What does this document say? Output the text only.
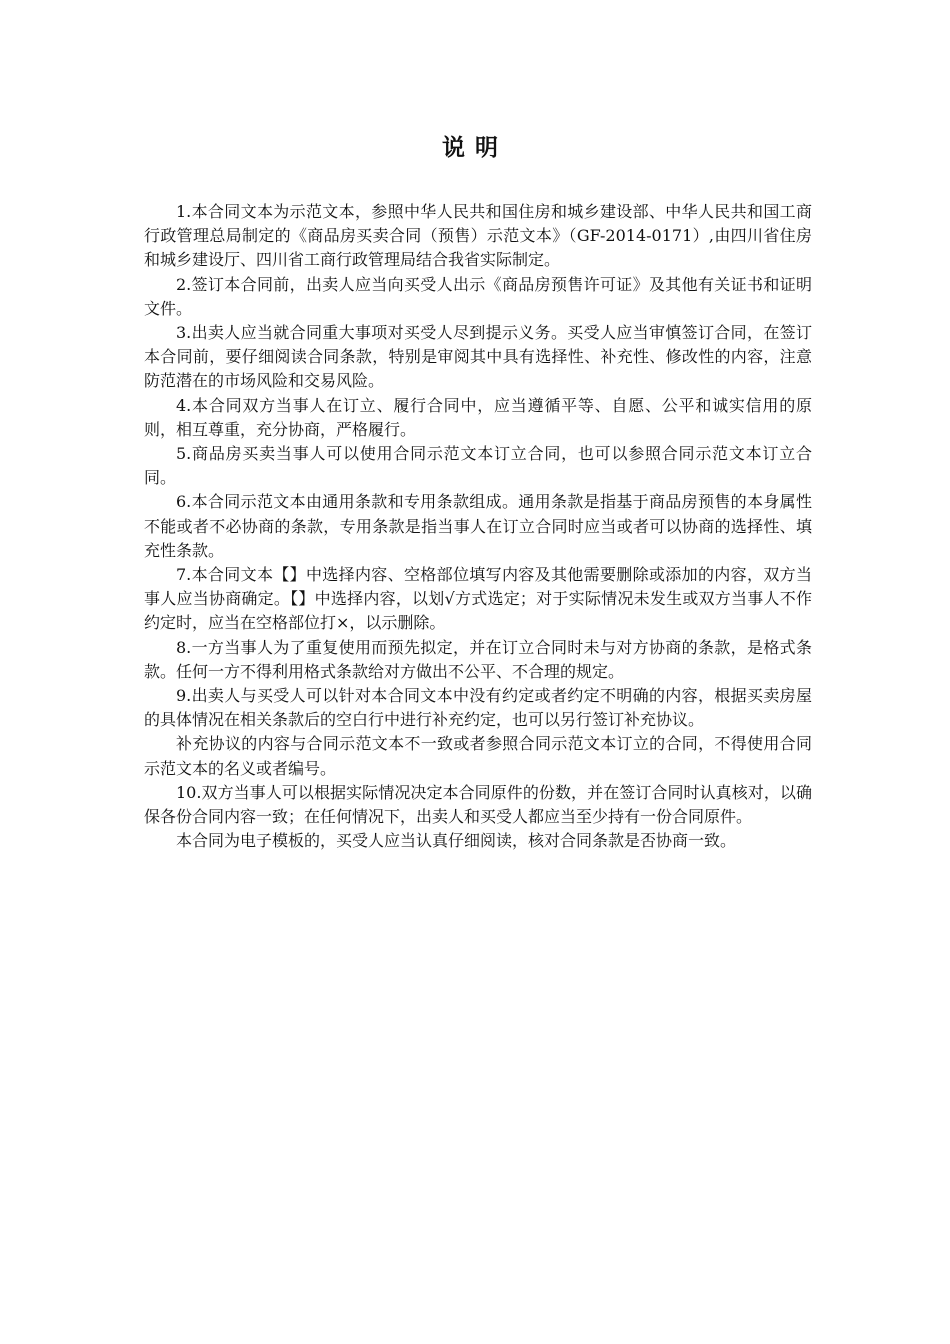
说明

1.本合同文本为示范文本，参照中华人民共和国住房和城乡建设部、中华人民共和国工商行政管理总局制定的《商品房买卖合同（预售）示范文本》（GF-2014-0171）,由四川省住房和城乡建设厅、四川省工商行政管理局结合我省实际制定。

2.签订本合同前，出卖人应当向买受人出示《商品房预售许可证》及其他有关证书和证明文件。

3.出卖人应当就合同重大事项对买受人尽到提示义务。买受人应当审慎签订合同，在签订本合同前，要仔细阅读合同条款，特别是审阅其中具有选择性、补充性、修改性的内容，注意防范潜在的市场风险和交易风险。

4.本合同双方当事人在订立、履行合同中，应当遵循平等、自愿、公平和诚实信用的原则，相互尊重，充分协商，严格履行。

5.商品房买卖当事人可以使用合同示范文本订立合同，也可以参照合同示范文本订立合同。

6.本合同示范文本由通用条款和专用条款组成。通用条款是指基于商品房预售的本身属性不能或者不必协商的条款，专用条款是指当事人在订立合同时应当或者可以协商的选择性、填充性条款。

7.本合同文本【】中选择内容、空格部位填写内容及其他需要删除或添加的内容，双方当事人应当协商确定。【】中选择内容，以划√方式选定；对于实际情况未发生或双方当事人不作约定时，应当在空格部位打×，以示删除。

8.一方当事人为了重复使用而预先拟定，并在订立合同时未与对方协商的条款，是格式条款。任何一方不得利用格式条款给对方做出不公平、不合理的规定。

9.出卖人与买受人可以针对本合同文本中没有约定或者约定不明确的内容，根据买卖房屋的具体情况在相关条款后的空白行中进行补充约定，也可以另行签订补充协议。

补充协议的内容与合同示范文本不一致或者参照合同示范文本订立的合同，不得使用合同示范文本的名义或者编号。

10.双方当事人可以根据实际情况决定本合同原件的份数，并在签订合同时认真核对，以确保各份合同内容一致；在任何情况下，出卖人和买受人都应当至少持有一份合同原件。

本合同为电子模板的，买受人应当认真仔细阅读，核对合同条款是否协商一致。
